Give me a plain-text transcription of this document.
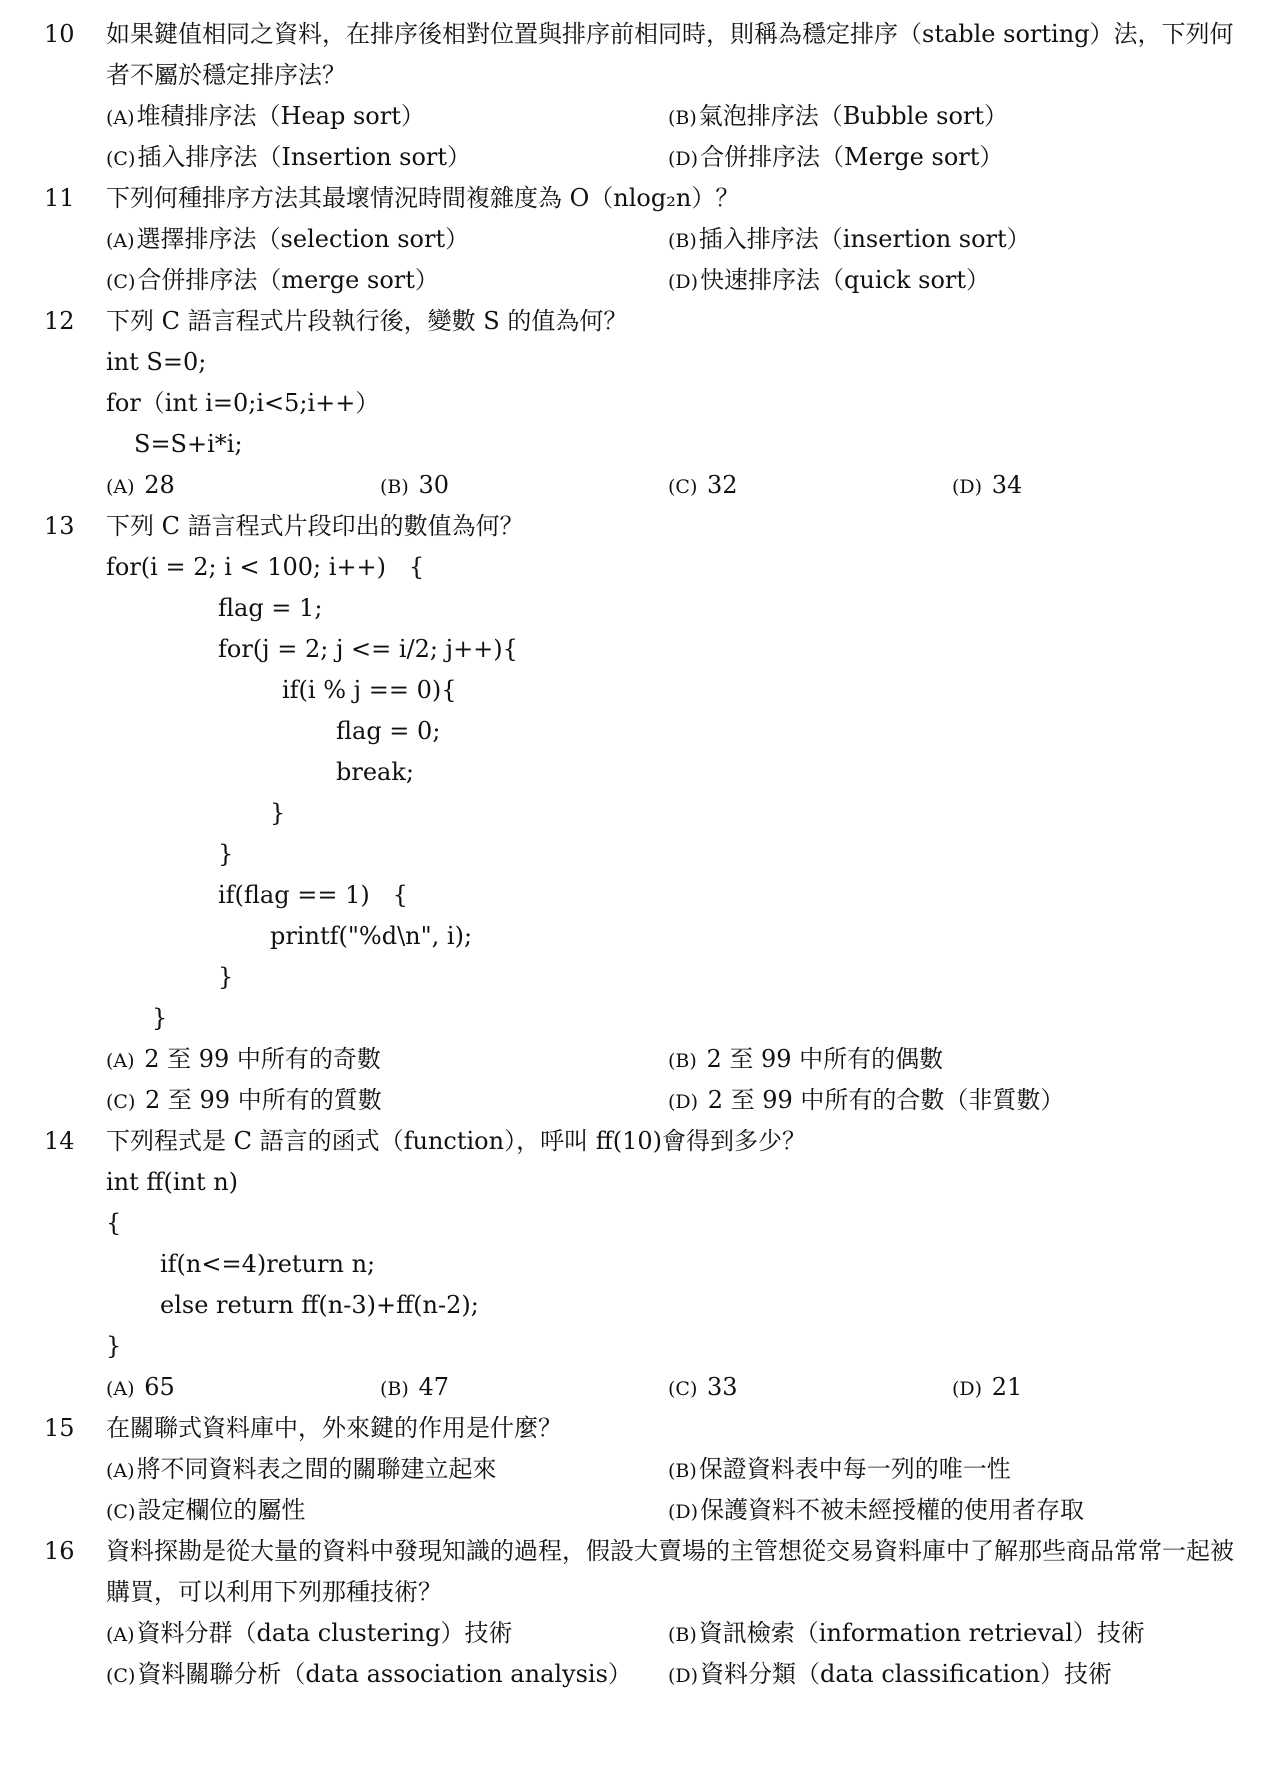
10	如果鍵值相同之資料，在排序後相對位置與排序前相同時，則稱為穩定排序（stable sorting）法，下列何者不屬於穩定排序法？
(A)堆積排序法（Heap sort）	(B)氣泡排序法（Bubble sort）
(C)插入排序法（Insertion sort）	(D)合併排序法（Merge sort）
11	下列何種排序方法其最壞情況時間複雜度為 O（nlog₂n）？
(A)選擇排序法（selection sort）	(B)插入排序法（insertion sort）
(C)合併排序法（merge sort）	(D)快速排序法（quick sort）
12	下列 C 語言程式片段執行後，變數 S 的值為何？
int S=0;
for（int i=0;i<5;i++）
S=S+i*i;
(A) 28	(B) 30	(C) 32	(D) 34
13	下列 C 語言程式片段印出的數值為何？
for(i = 2; i < 100; i++)   {
flag = 1;
for(j = 2; j <= i/2; j++){
if(i % j == 0){
flag = 0;
break;
}
}
if(flag == 1)   {
printf("%d\n", i);
}
}
(A) 2 至 99 中所有的奇數	(B) 2 至 99 中所有的偶數
(C) 2 至 99 中所有的質數	(D) 2 至 99 中所有的合數（非質數）
14	下列程式是 C 語言的函式（function），呼叫 ff(10)會得到多少？
int ff(int n)
{
if(n<=4)return n;
else return ff(n-3)+ff(n-2);
}
(A) 65	(B) 47	(C) 33	(D) 21
15	在關聯式資料庫中，外來鍵的作用是什麼？
(A)將不同資料表之間的關聯建立起來	(B)保證資料表中每一列的唯一性
(C)設定欄位的屬性	(D)保護資料不被未經授權的使用者存取
16	資料探勘是從大量的資料中發現知識的過程，假設大賣場的主管想從交易資料庫中了解那些商品常常一起被購買，可以利用下列那種技術？
(A)資料分群（data clustering）技術	(B)資訊檢索（information retrieval）技術
(C)資料關聯分析（data association analysis） (D)資料分類（data classification）技術
